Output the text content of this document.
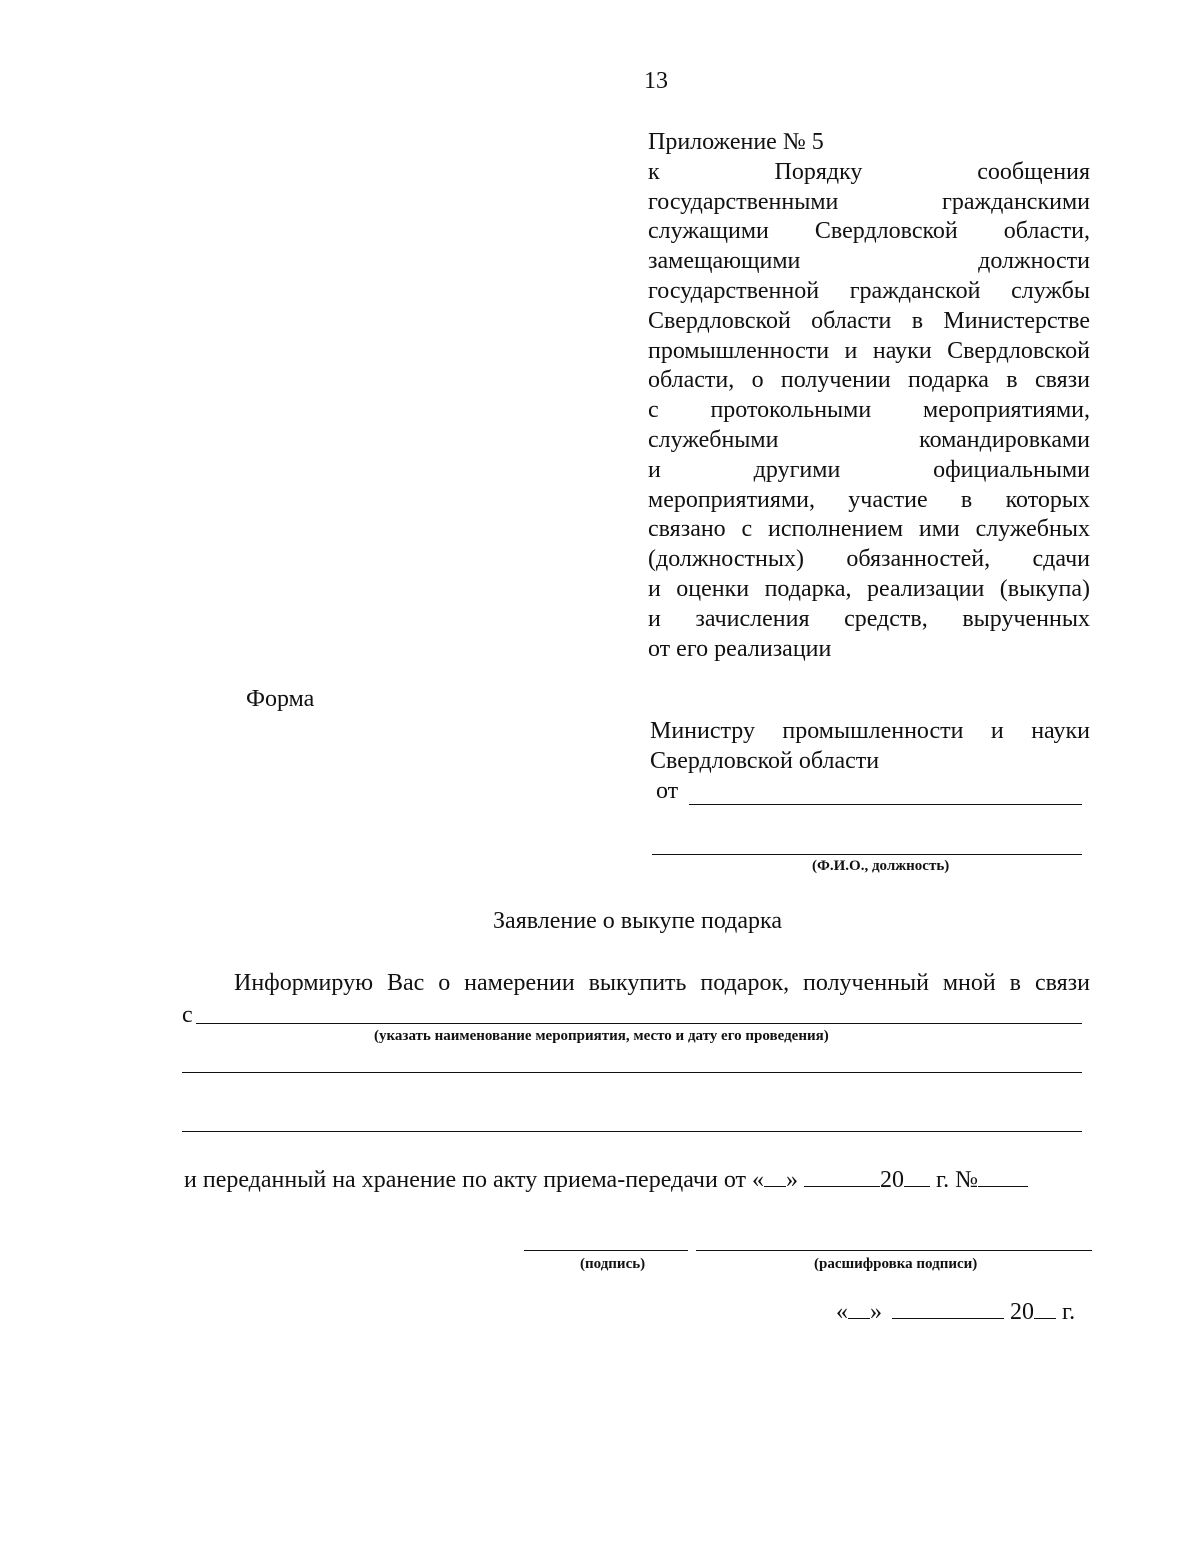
13
Приложение № 5
к Порядку сообщения
государственными гражданскими
служащими Свердловской области,
замещающими должности
государственной гражданской службы
Свердловской области в Министерстве
промышленности и науки Свердловской
области, о получении подарка в связи
с протокольными мероприятиями,
служебными командировками
и другими официальными
мероприятиями, участие в которых
связано с исполнением ими служебных
(должностных) обязанностей, сдачи
и оценки подарка, реализации (выкупа)
и зачисления средств, вырученных
от его реализации
Форма
Министру промышленности и науки
Свердловской области
от
(Ф.И.О., должность)
Заявление о выкупе подарка
Информирую Вас о намерении выкупить подарок, полученный мной в связи
с
(указать наименование мероприятия, место и дату его проведения)
и переданный на хранение по акту приема-передачи от « »	20 г. №
(подпись)	(расшифровка подписи)
« »	20 г.
